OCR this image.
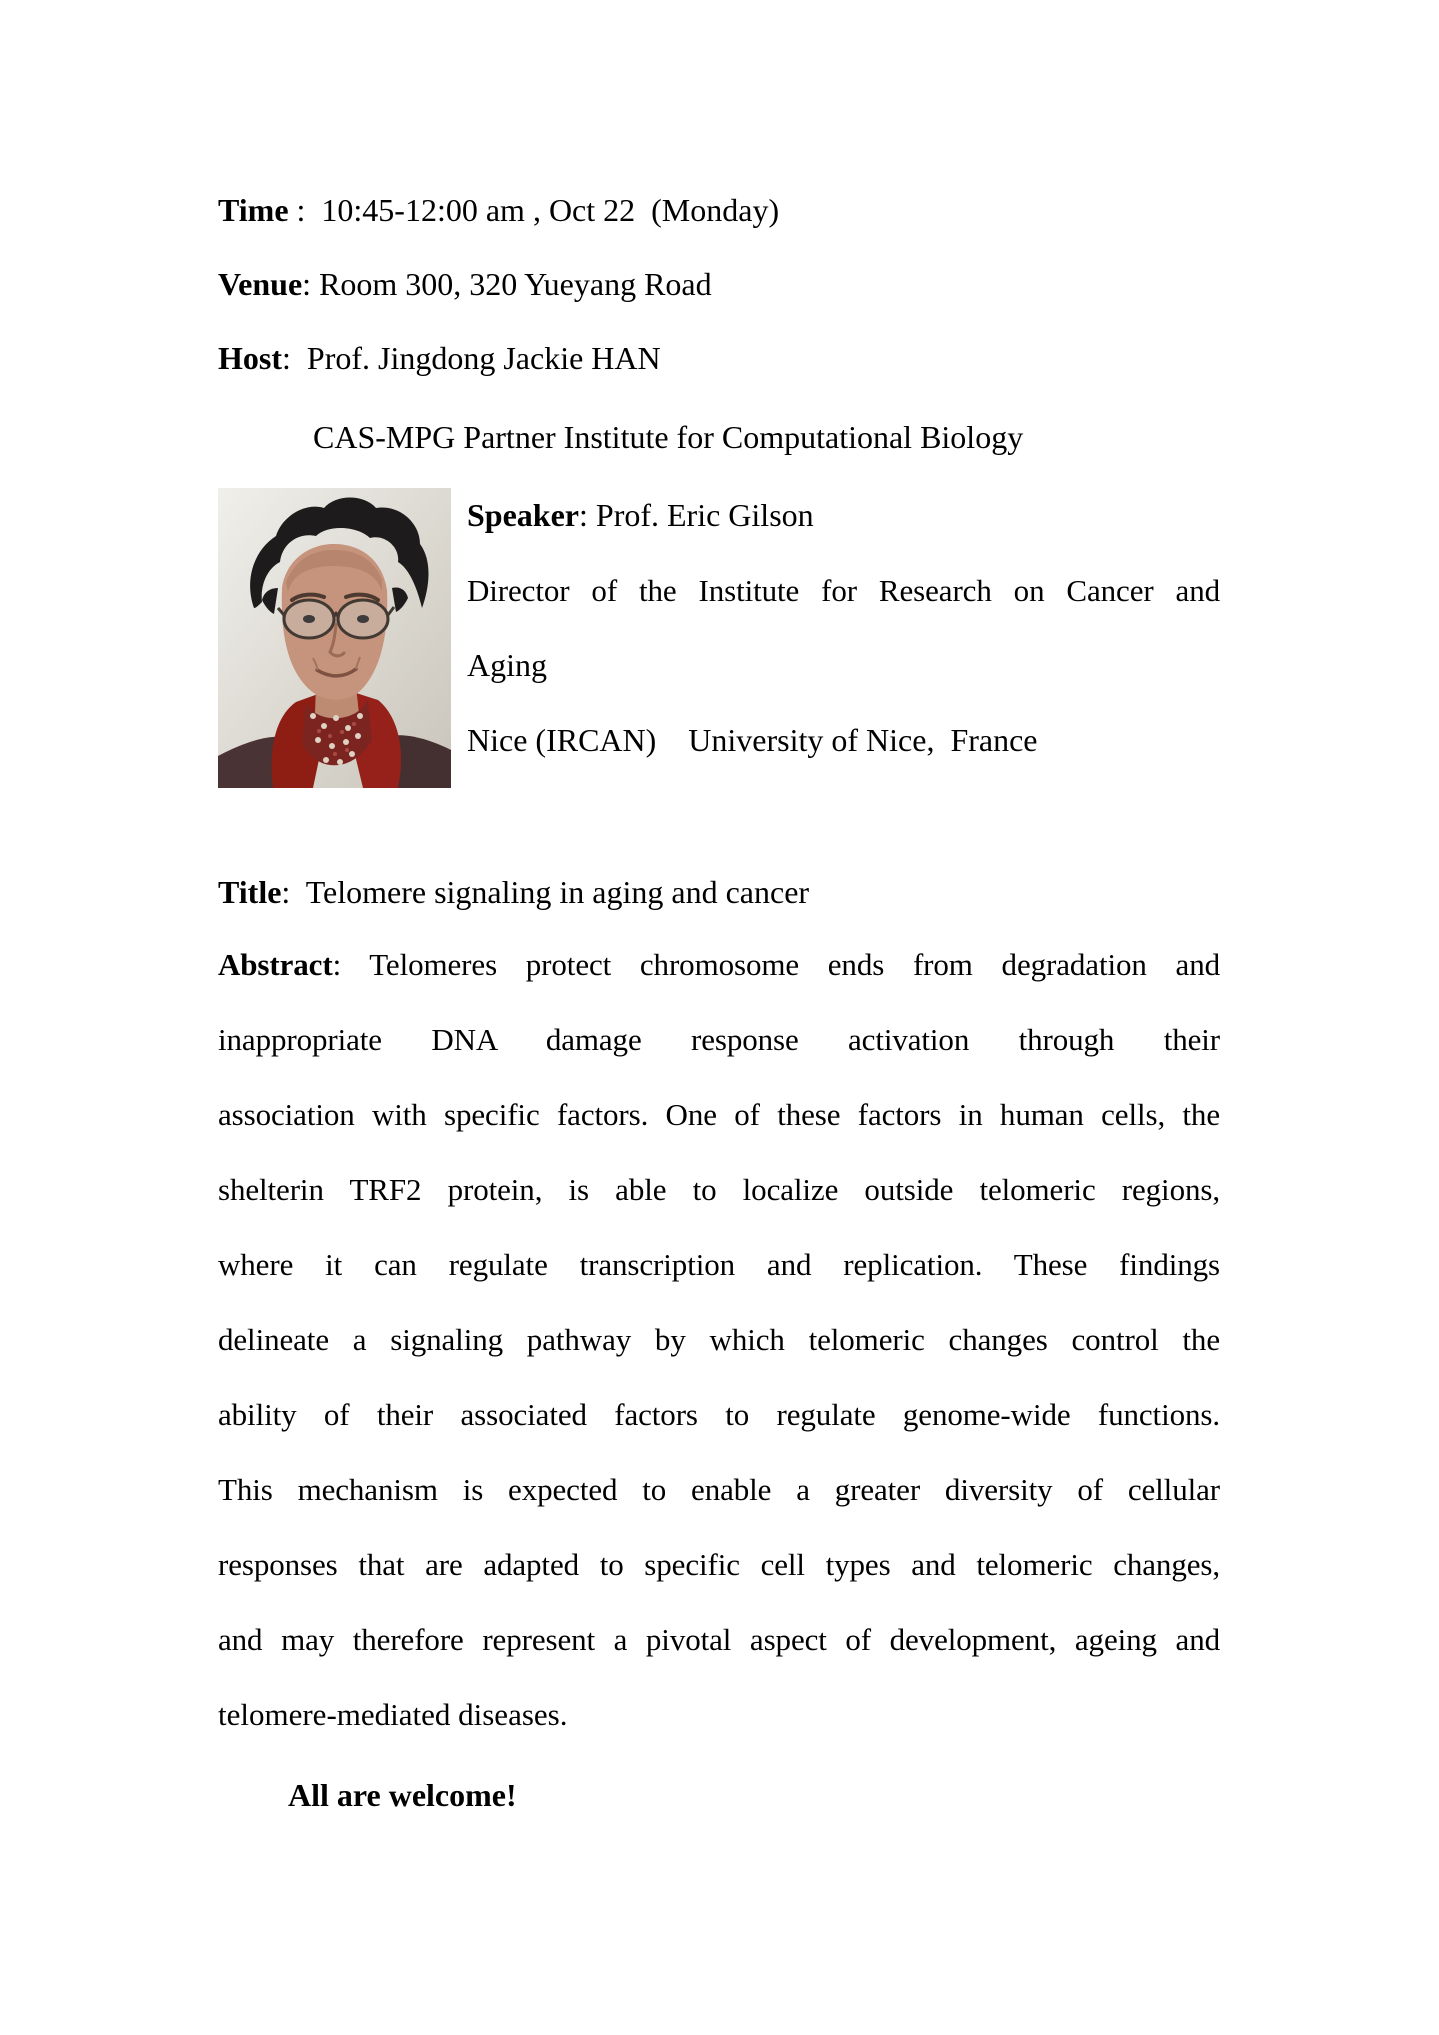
Time :  10:45-12:00 am , Oct 22  (Monday)
Venue: Room 300, 320 Yueyang Road
Host:  Prof. Jingdong Jackie HAN
CAS-MPG Partner Institute for Computational Biology
Speaker: Prof. Eric Gilson
Director of the Institute for Research on Cancer and
Aging
Nice (IRCAN)    University of Nice,  France
Title:  Telomere signaling in aging and cancer
Abstract: Telomeres protect chromosome ends from degradation and
inappropriate DNA damage response activation through their
association with specific factors. One of these factors in human cells, the
shelterin TRF2 protein, is able to localize outside telomeric regions,
where it can regulate transcription and replication. These findings
delineate a signaling pathway by which telomeric changes control the
ability of their associated factors to regulate genome-wide functions.
This mechanism is expected to enable a greater diversity of cellular
responses that are adapted to specific cell types and telomeric changes,
and may therefore represent a pivotal aspect of development, ageing and
telomere-mediated diseases.
All are welcome!
